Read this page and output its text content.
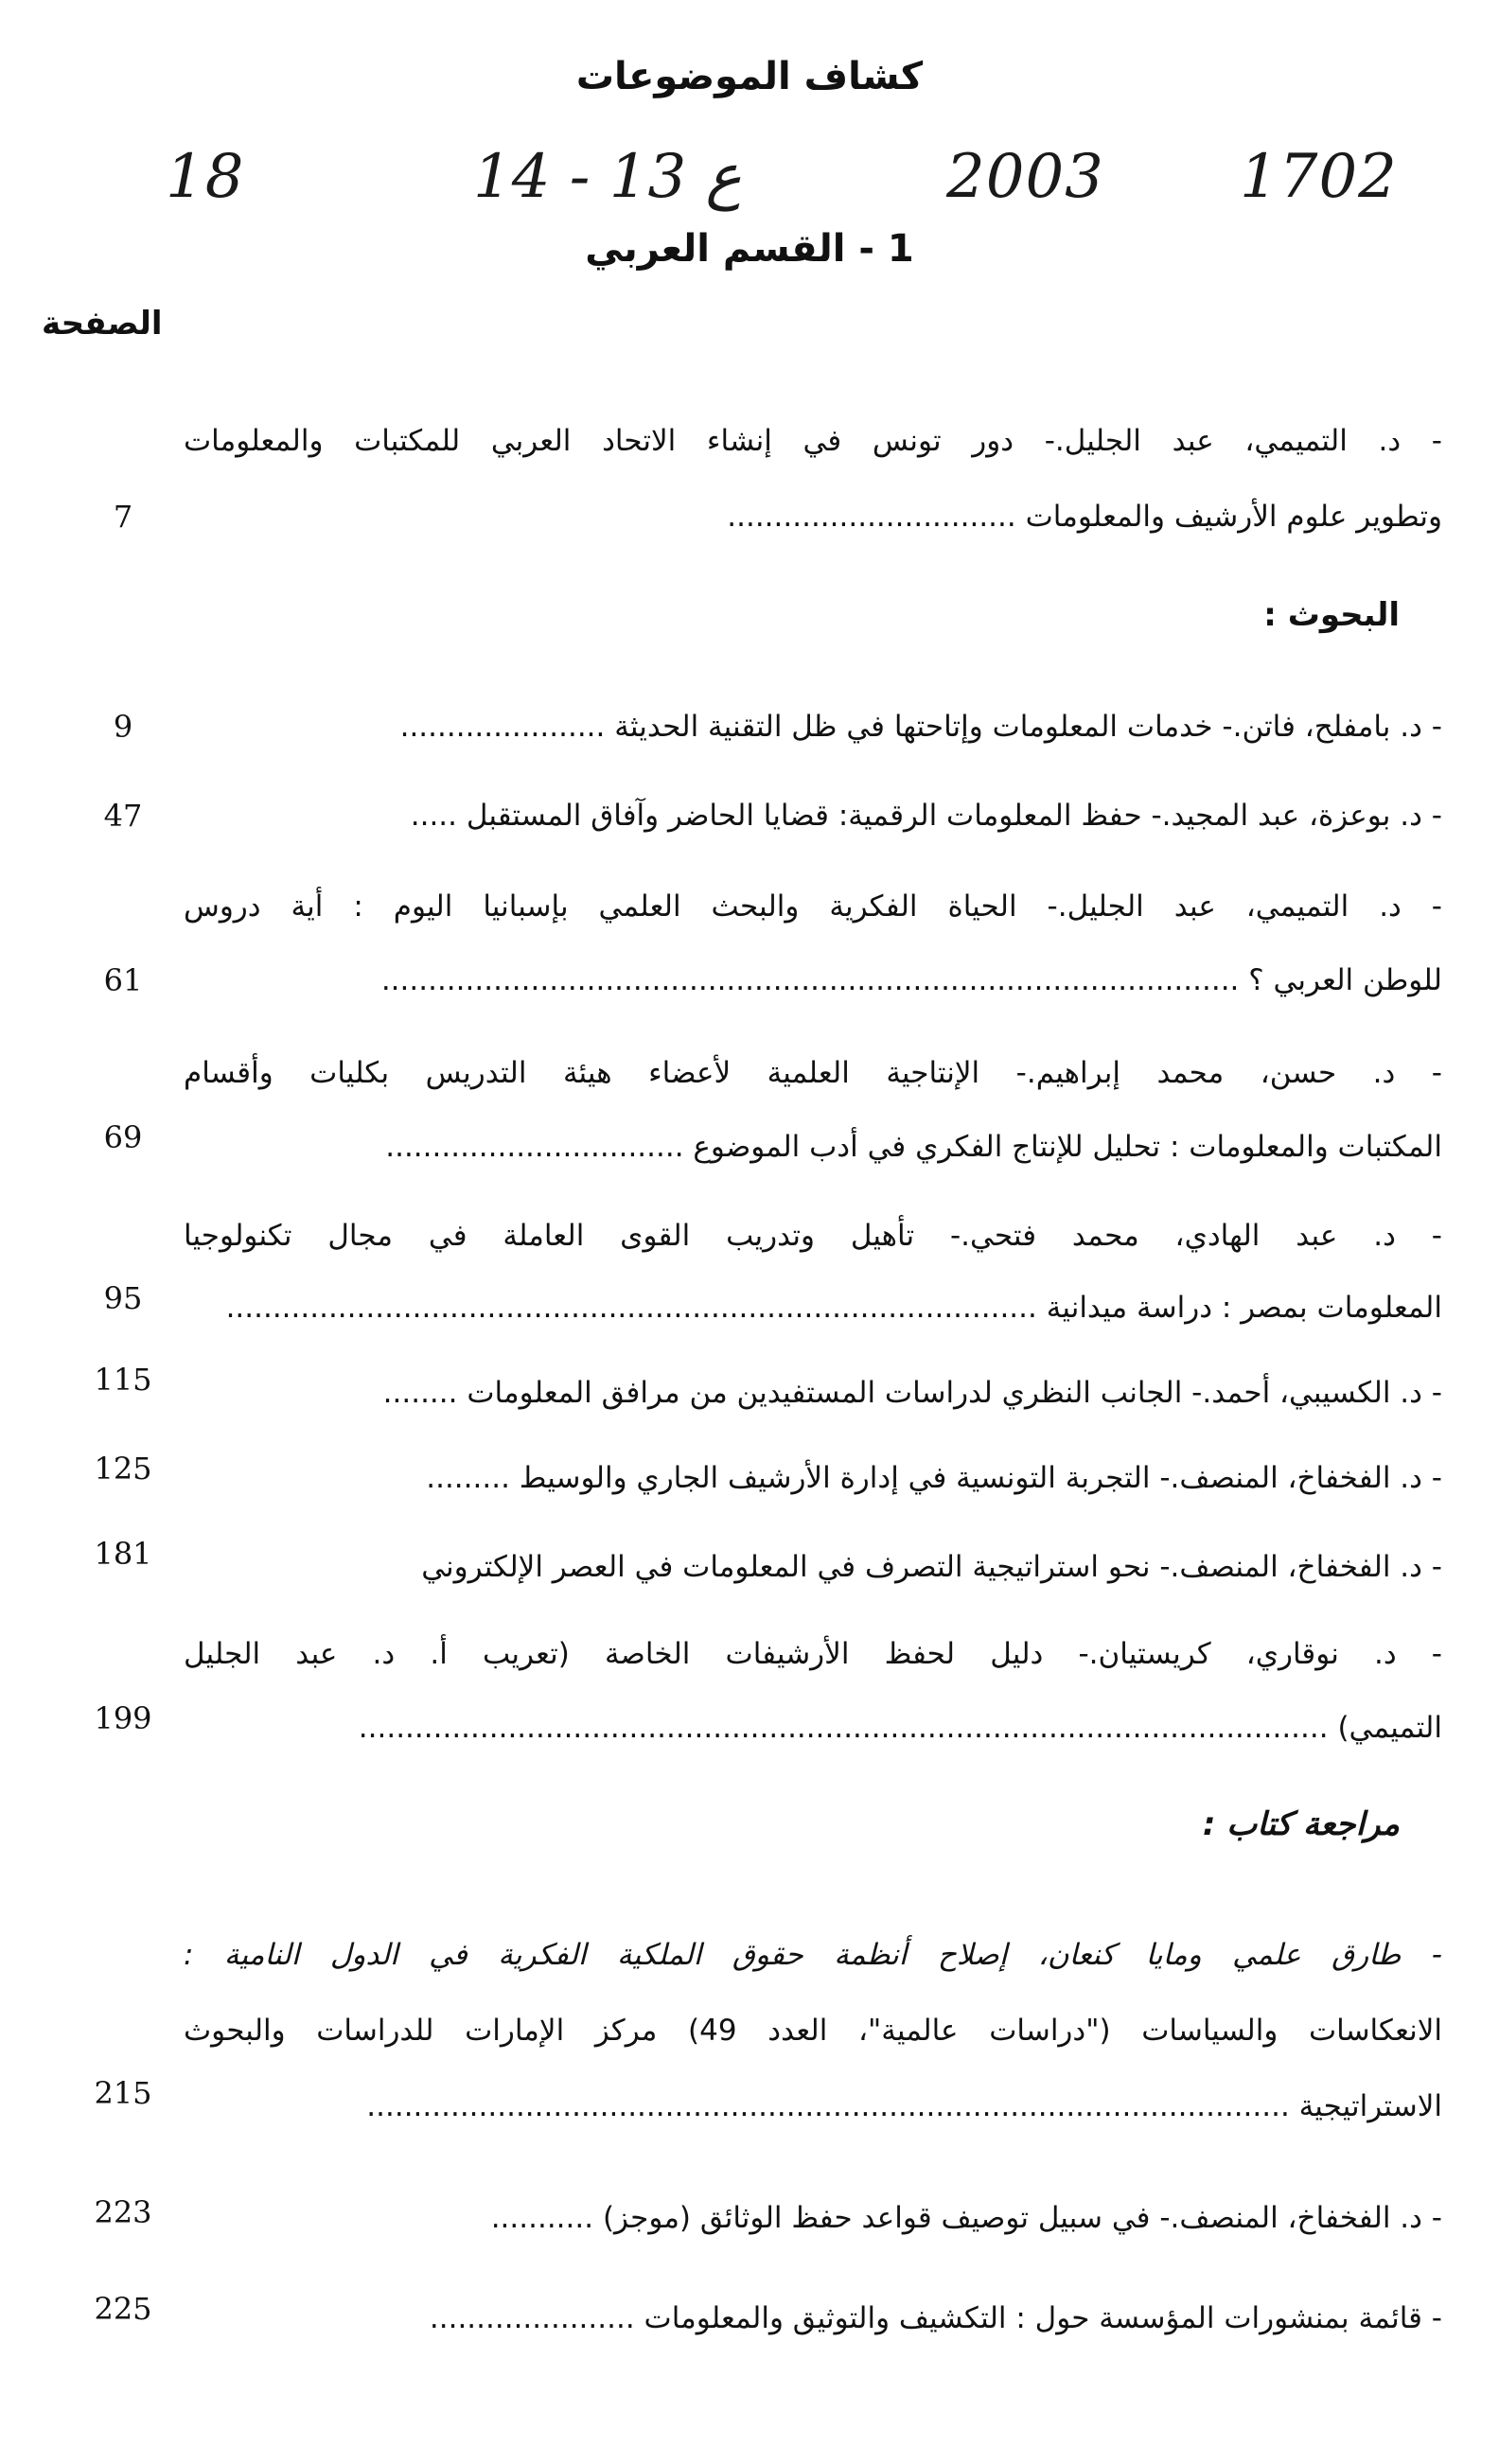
كشاف الموضوعات
1702
2003
ع 13 - 14
18
1 - القسم العربي
الصفحة
- د. التميمي، عبد الجليل.- دور تونس في إنشاء الاتحاد العربي للمكتبات والمعلومات
وتطوير علوم الأرشيف والمعلومات ...............................
7
البحوث :
- د. بامفلح، فاتن.- خدمات المعلومات وإتاحتها في ظل التقنية الحديثة ......................
9
- د. بوعزة، عبد المجيد.- حفظ المعلومات الرقمية: قضايا الحاضر وآفاق المستقبل .....
47
- د. التميمي، عبد الجليل.- الحياة الفكرية والبحث العلمي بإسبانيا اليوم : أية دروس
للوطن العربي ؟ ............................................................................................
61
- د. حسن، محمد إبراهيم.- الإنتاجية العلمية لأعضاء هيئة التدريس بكليات وأقسام
المكتبات والمعلومات : تحليل للإنتاج الفكري في أدب الموضوع ................................
69
- د. عبد الهادي، محمد فتحي.- تأهيل وتدريب القوى العاملة في مجال تكنولوجيا
المعلومات بمصر : دراسة ميدانية .......................................................................................
95
- د. الكسيبي، أحمد.- الجانب النظري لدراسات المستفيدين من مرافق المعلومات ........
115
- د. الفخفاخ، المنصف.- التجربة التونسية في إدارة الأرشيف الجاري والوسيط .........
125
- د. الفخفاخ، المنصف.- نحو استراتيجية التصرف في المعلومات في العصر الإلكتروني
181
- د. نوقاري، كريستيان.- دليل لحفظ الأرشيفات الخاصة (تعريب أ. د. عبد الجليل
التميمي) ........................................................................................................
199
مراجعة كتاب :
- طارق علمي ومايا كنعان، إصلاح أنظمة حقوق الملكية الفكرية في الدول النامية :
الانعكاسات والسياسات ("دراسات عالمية"، العدد 49) مركز الإمارات للدراسات والبحوث
الاستراتيجية ...................................................................................................
215
- د. الفخفاخ، المنصف.- في سبيل توصيف قواعد حفظ الوثائق (موجز) ...........
223
- قائمة بمنشورات المؤسسة حول : التكشيف والتوثيق والمعلومات ......................
225
